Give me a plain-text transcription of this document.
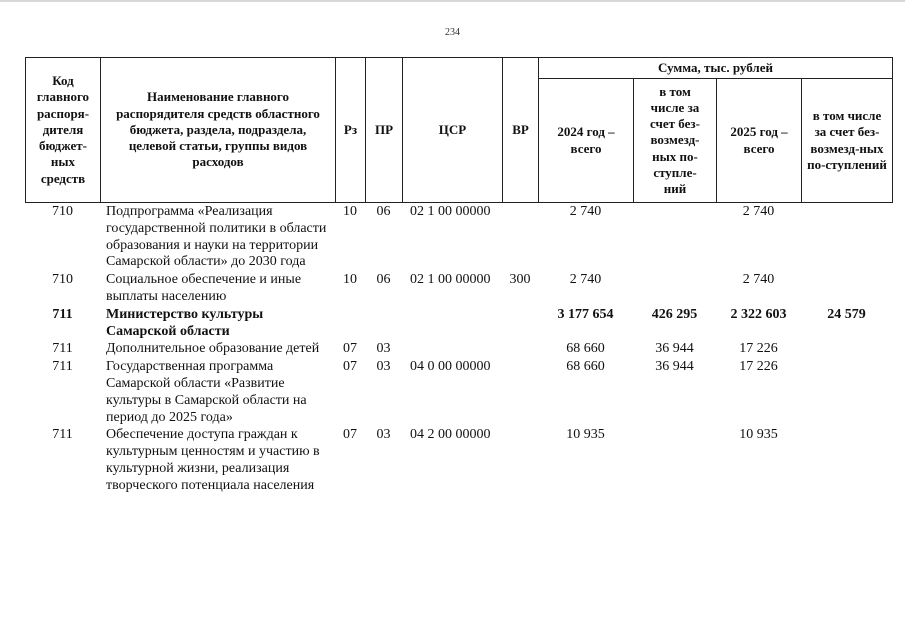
234
Код главного распоря-дителя бюджет-ных средств	Наименование главного распорядителя средств областного бюджета, раздела, подраздела, целевой статьи, группы видов расходов	Рз	ПР	ЦСР	ВР	Сумма, тыс. рублей			
						2024 год – всего	в том числе за счет без-возмезд-ных по-ступле-ний	2025 год – всего	в том числе за счет без-возмезд-ных по-ступлений
710	Подпрограмма «Реализация государственной политики в области образования и науки на территории Самарской области» до 2030 года	10	06	02 1 00 00000		2 740		2 740	
710	Социальное обеспечение и иные выплаты населению	10	06	02 1 00 00000	300	2 740		2 740	
711	Министерство культуры Самарской области					3 177 654	426 295	2 322 603	24 579
711	Дополнительное образование детей	07	03			68 660	36 944	17 226	
711	Государственная программа Самарской области «Развитие культуры в Самарской области на период до 2025 года»	07	03	04 0 00 00000		68 660	36 944	17 226	
711	Обеспечение доступа граждан к культурным ценностям и участию в культурной жизни, реализация творческого потенциала населения	07	03	04 2 00 00000		10 935		10 935	
